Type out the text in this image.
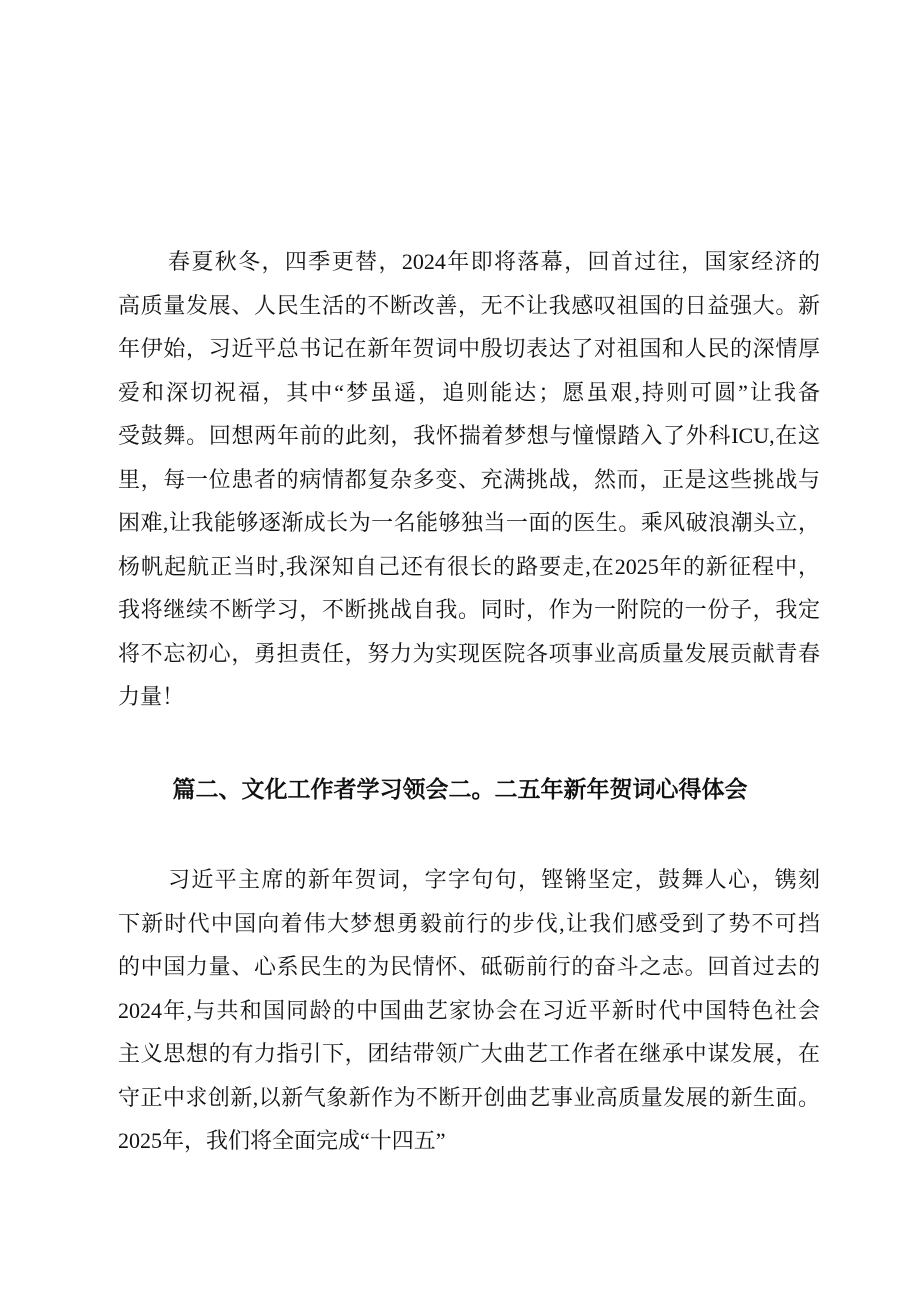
春夏秋冬，四季更替，2024年即将落幕，回首过往，国家经济的
高质量发展、人民生活的不断改善，无不让我感叹祖国的日益强大。新
年伊始，习近平总书记在新年贺词中殷切表达了对祖国和人民的深情厚
爱和深切祝福，其中“梦虽遥，追则能达；愿虽艰,持则可圆”让我备
受鼓舞。回想两年前的此刻，我怀揣着梦想与憧憬踏入了外科ICU,在这
里，每一位患者的病情都复杂多变、充满挑战，然而，正是这些挑战与
困难,让我能够逐渐成长为一名能够独当一面的医生。乘风破浪潮头立，
杨帆起航正当时,我深知自己还有很长的路要走,在2025年的新征程中，
我将继续不断学习，不断挑战自我。同时，作为一附院的一份子，我定
将不忘初心，勇担责任，努力为实现医院各项事业高质量发展贡献青春
力量！
篇二、文化工作者学习领会二。二五年新年贺词心得体会
习近平主席的新年贺词，字字句句，铿锵坚定，鼓舞人心，镌刻
下新时代中国向着伟大梦想勇毅前行的步伐,让我们感受到了势不可挡
的中国力量、心系民生的为民情怀、砥砺前行的奋斗之志。回首过去的
2024年,与共和国同龄的中国曲艺家协会在习近平新时代中国特色社会
主义思想的有力指引下，团结带领广大曲艺工作者在继承中谋发展，在
守正中求创新,以新气象新作为不断开创曲艺事业高质量发展的新生面。
2025年，我们将全面完成“十四五”
